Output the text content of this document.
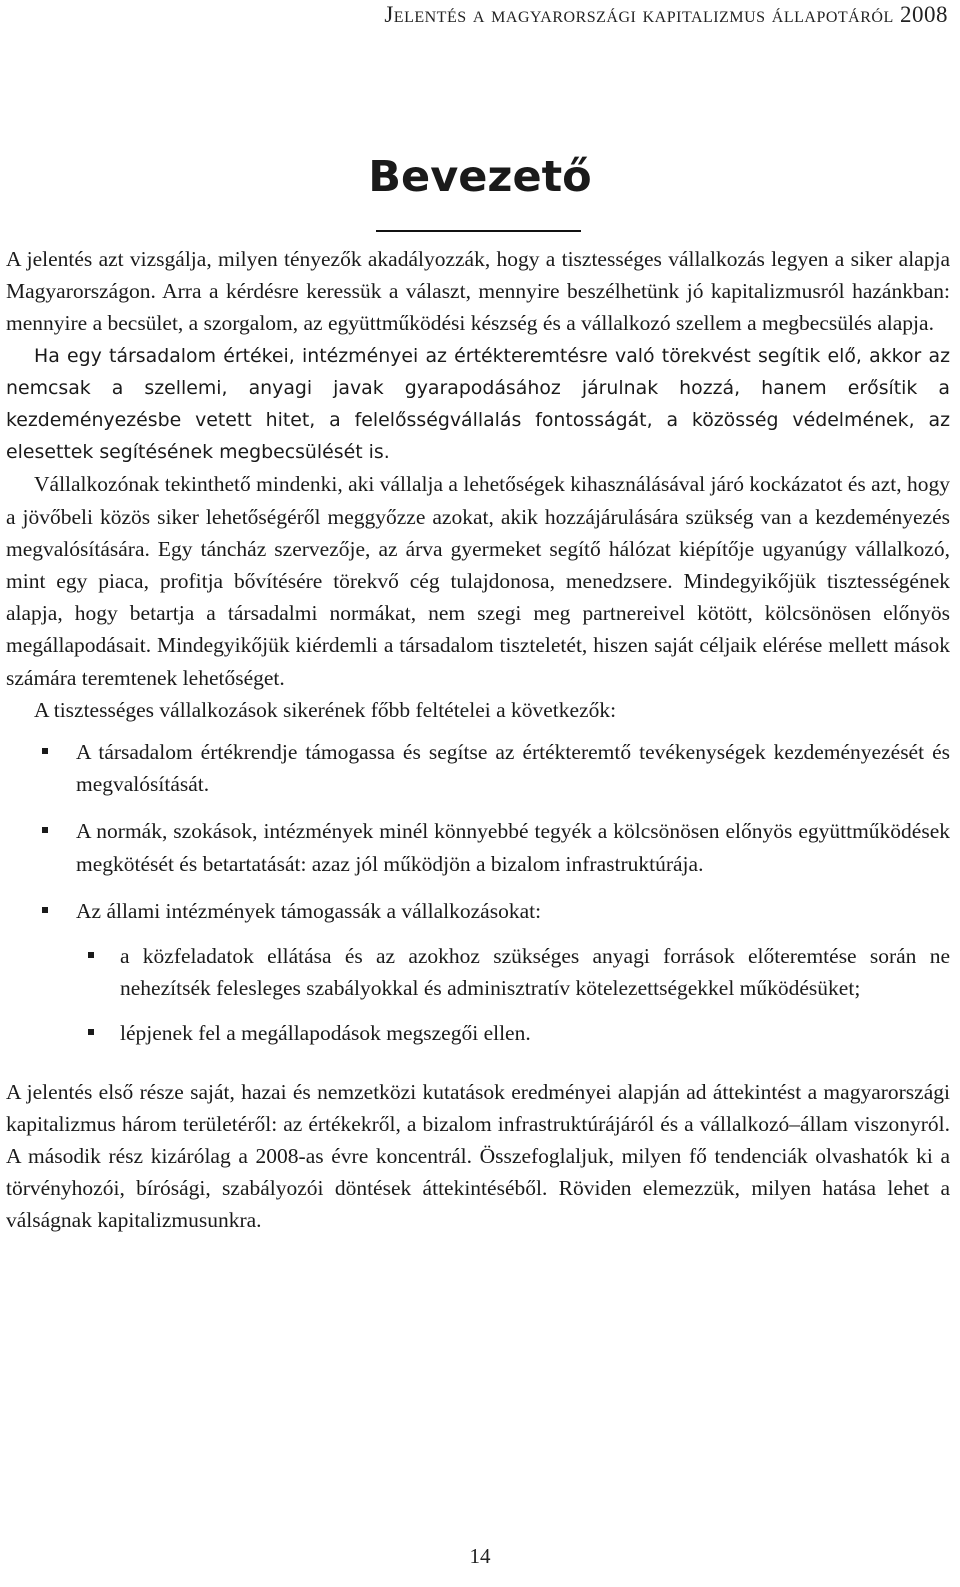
Jelentés a magyarországi kapitalizmus állapotáról 2008
Bevezető

A jelentés azt vizsgálja, milyen tényezők akadályozzák, hogy a tisztességes vállalkozás legyen a siker alapja Magyarországon. Arra a kérdésre keressük a választ, mennyire beszélhetünk jó kapitalizmusról hazánkban: mennyire a becsület, a szorgalom, az együttműködési készség és a vállalkozó szellem a megbecsülés alapja.

Ha egy társadalom értékei, intézményei az értékteremtésre való törekvést segítik elő, akkor az nemcsak a szellemi, anyagi javak gyarapodásához járulnak hozzá, hanem erősítik a kezdeményezésbe vetett hitet, a felelősségvállalás fontosságát, a közösség védelmének, az elesettek segítésének megbecsülését is.

Vállalkozónak tekinthető mindenki, aki vállalja a lehetőségek kihasználásával járó kockázatot és azt, hogy a jövőbeli közös siker lehetőségéről meggyőzze azokat, akik hozzájárulására szükség van a kezdeményezés megvalósítására. Egy táncház szervezője, az árva gyermeket segítő hálózat kiépítője ugyanúgy vállalkozó, mint egy piaca, profitja bővítésére törekvő cég tulajdonosa, menedzsere. Mindegyikőjük tisztességének alapja, hogy betartja a társadalmi normákat, nem szegi meg partnereivel kötött, kölcsönösen előnyös megállapodásait. Mindegyikőjük kiérdemli a társadalom tiszteletét, hiszen saját céljaik elérése mellett mások számára teremtenek lehetőséget.

A tisztességes vállalkozások sikerének főbb feltételei a következők:

A társadalom értékrendje támogassa és segítse az értékteremtő tevékenységek kezdeményezését és megvalósítását.
A normák, szokások, intézmények minél könnyebbé tegyék a kölcsönösen előnyös együttműködések megkötését és betartatását: azaz jól működjön a bizalom infrastruktúrája.
Az állami intézmények támogassák a vállalkozásokat:
a közfeladatok ellátása és az azokhoz szükséges anyagi források előteremtése során ne nehezítsék felesleges szabályokkal és adminisztratív kötelezettségekkel működésüket;
lépjenek fel a megállapodások megszegői ellen.

A jelentés első része saját, hazai és nemzetközi kutatások eredményei alapján ad áttekintést a magyarországi kapitalizmus három területéről: az értékekről, a bizalom infrastruktúrájáról és a vállalkozó–állam viszonyról. A második rész kizárólag a 2008-as évre koncentrál. Összefoglaljuk, milyen fő tendenciák olvashatók ki a törvényhozói, bírósági, szabályozói döntések áttekintéséből. Röviden elemezzük, milyen hatása lehet a válságnak kapitalizmusunkra.

14
